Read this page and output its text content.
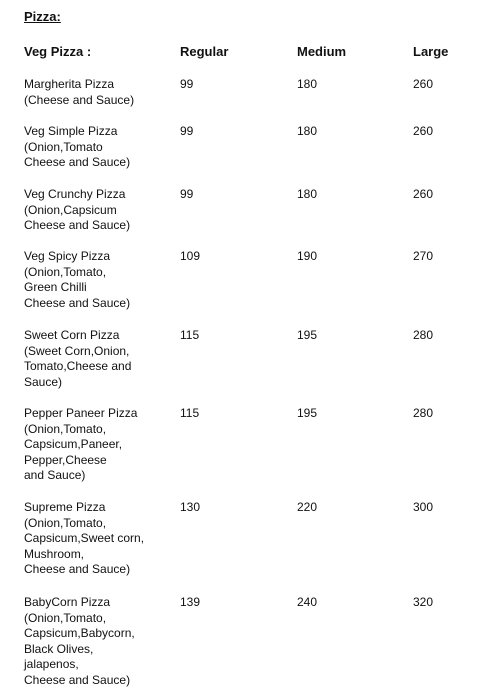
Pizza:
Veg Pizza :	Regular	Medium	Large
Margherita Pizza
(Cheese and Sauce)
99	180	260
Veg Simple Pizza
(Onion,Tomato
Cheese and Sauce)
99	180	260
Veg Crunchy Pizza
(Onion,Capsicum
Cheese and Sauce)
99	180	260
Veg Spicy Pizza
(Onion,Tomato,
Green Chilli
Cheese and Sauce)
109	190	270
Sweet Corn Pizza
(Sweet Corn,Onion,
Tomato,Cheese and
Sauce)
115	195	280
Pepper Paneer Pizza
(Onion,Tomato,
Capsicum,Paneer,
Pepper,Cheese
and Sauce)
115	195	280
Supreme Pizza
(Onion,Tomato,
Capsicum,Sweet corn,
Mushroom,
Cheese and Sauce)
130	220	300
BabyCorn Pizza
(Onion,Tomato,
Capsicum,Babycorn,
Black Olives,
jalapenos,
Cheese and Sauce)
139	240	320
